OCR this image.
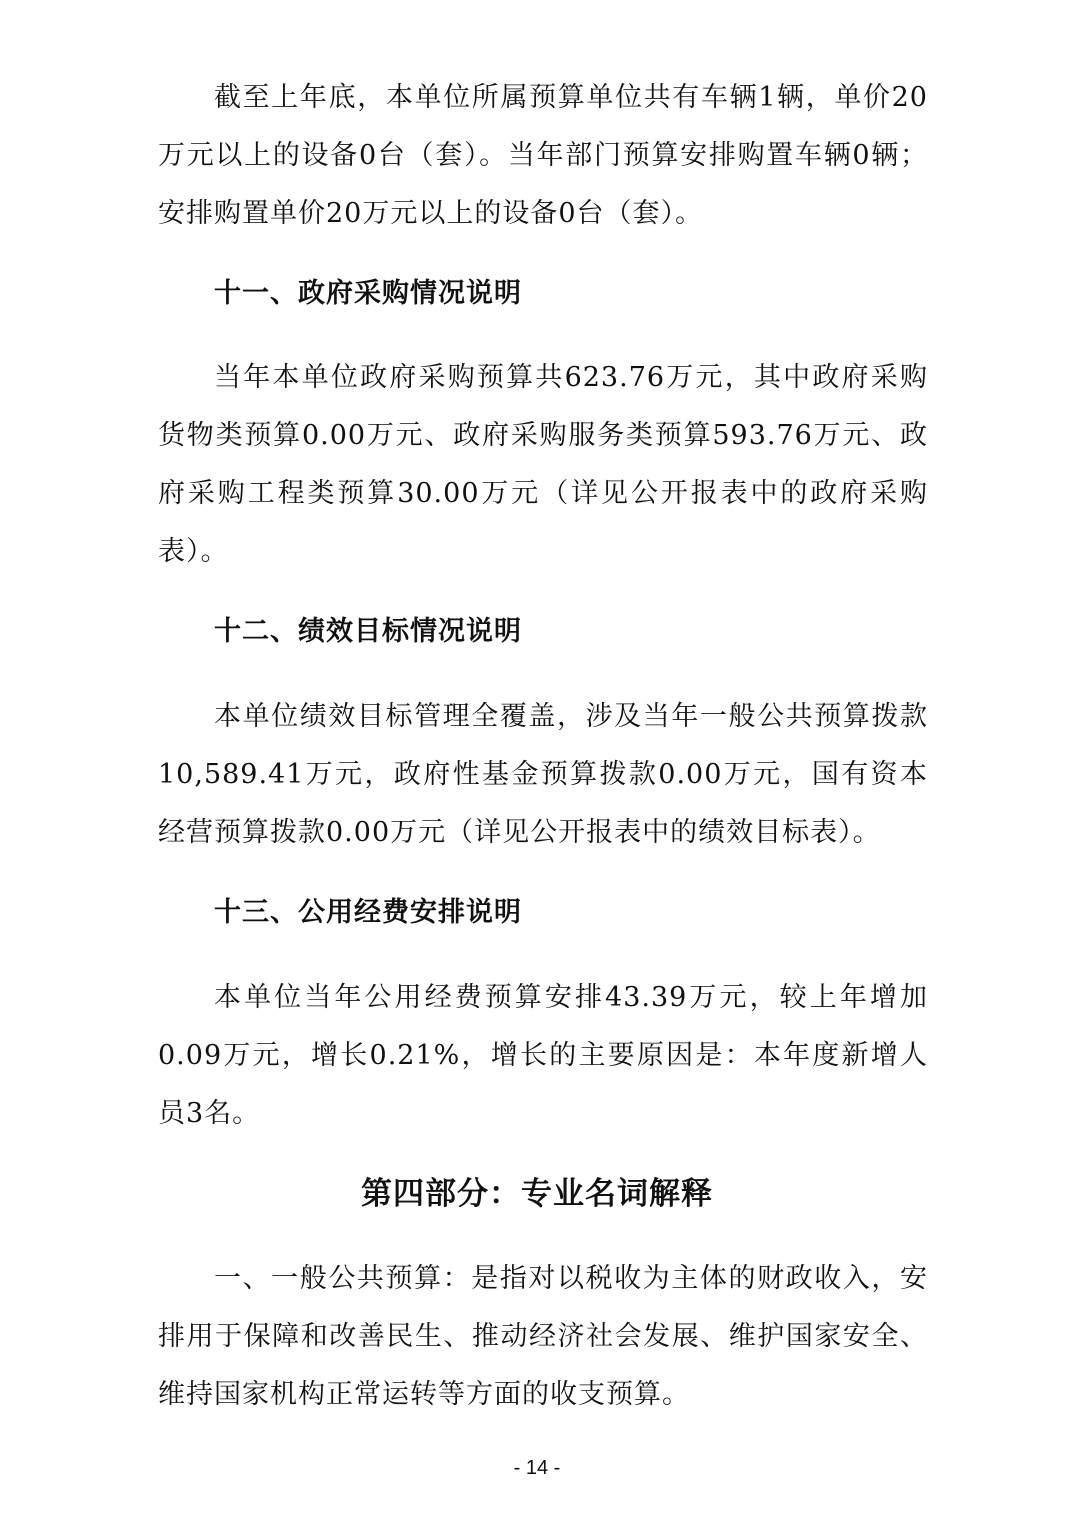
截至上年底，本单位所属预算单位共有车辆1辆，单价20万元以上的设备0台（套）。当年部门预算安排购置车辆0辆；安排购置单价20万元以上的设备0台（套）。

十一、政府采购情况说明

当年本单位政府采购预算共623.76万元，其中政府采购货物类预算0.00万元、政府采购服务类预算593.76万元、政府采购工程类预算30.00万元（详见公开报表中的政府采购表）。

十二、绩效目标情况说明

本单位绩效目标管理全覆盖，涉及当年一般公共预算拨款10,589.41万元，政府性基金预算拨款0.00万元，国有资本经营预算拨款0.00万元（详见公开报表中的绩效目标表）。

十三、公用经费安排说明

本单位当年公用经费预算安排43.39万元，较上年增加0.09万元，增长0.21%，增长的主要原因是：本年度新增人员3名。

第四部分：专业名词解释

一、一般公共预算：是指对以税收为主体的财政收入，安排用于保障和改善民生、推动经济社会发展、维护国家安全、维持国家机构正常运转等方面的收支预算。

- 14 -
